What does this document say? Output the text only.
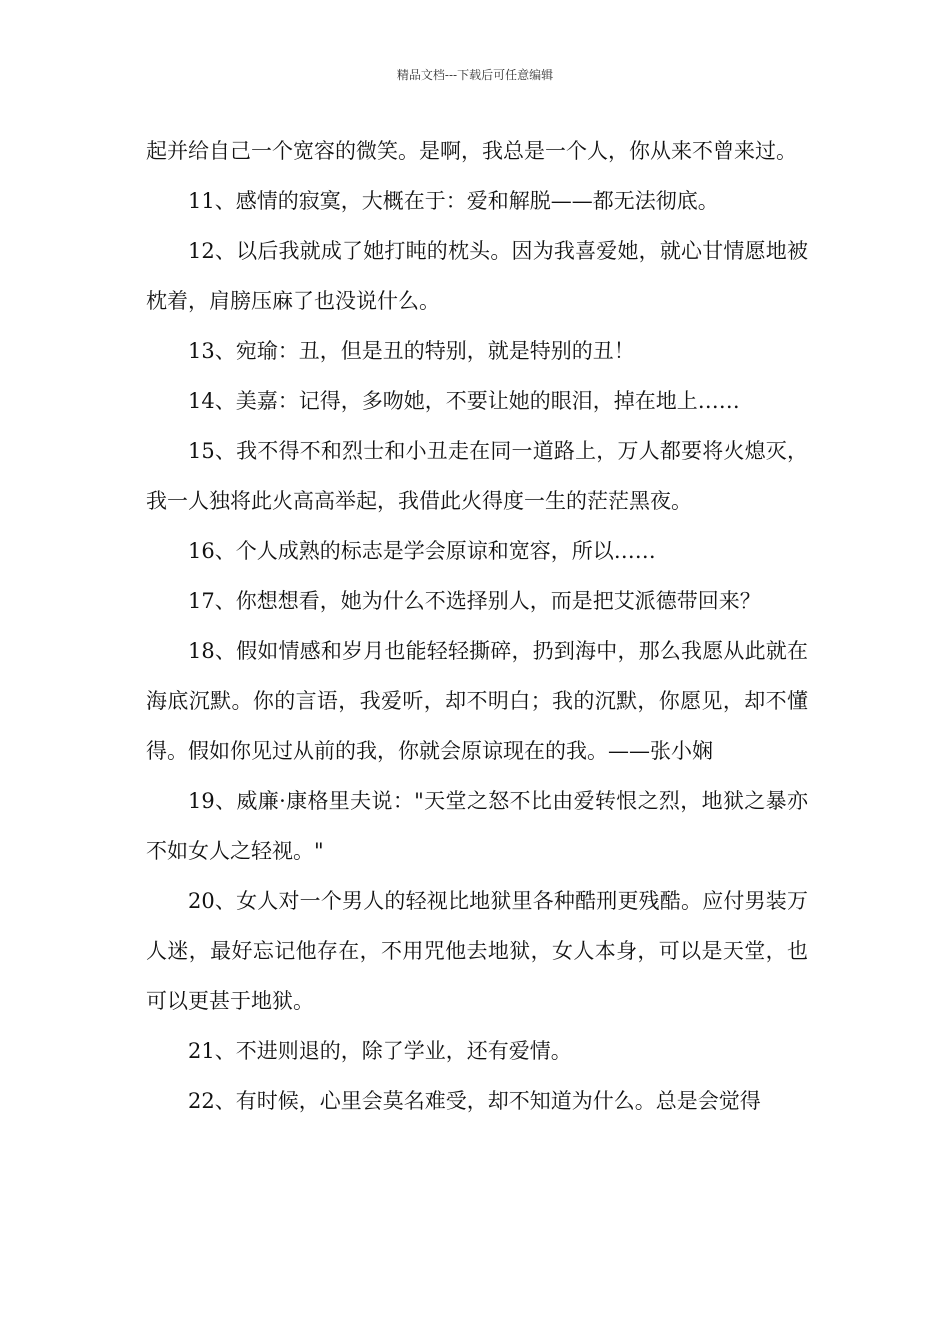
精品文档---下载后可任意编辑

起并给自己一个宽容的微笑。是啊，我总是一个人，你从来不曾来过。

11、感情的寂寞，大概在于：爱和解脱——都无法彻底。

12、以后我就成了她打盹的枕头。因为我喜爱她，就心甘情愿地被枕着，肩膀压麻了也没说什么。

13、宛瑜：丑，但是丑的特别，就是特别的丑！

14、美嘉：记得，多吻她，不要让她的眼泪，掉在地上……

15、我不得不和烈士和小丑走在同一道路上，万人都要将火熄灭，我一人独将此火高高举起，我借此火得度一生的茫茫黑夜。

16、个人成熟的标志是学会原谅和宽容，所以……

17、你想想看，她为什么不选择别人，而是把艾派德带回来？

18、假如情感和岁月也能轻轻撕碎，扔到海中，那么我愿从此就在海底沉默。你的言语，我爱听，却不明白；我的沉默，你愿见，却不懂得。假如你见过从前的我，你就会原谅现在的我。——张小娴

19、威廉·康格里夫说："天堂之怒不比由爱转恨之烈，地狱之暴亦不如女人之轻视。"

20、女人对一个男人的轻视比地狱里各种酷刑更残酷。应付男装万人迷，最好忘记他存在，不用咒他去地狱，女人本身，可以是天堂，也可以更甚于地狱。

21、不进则退的，除了学业，还有爱情。

22、有时候，心里会莫名难受，却不知道为什么。总是会觉得
